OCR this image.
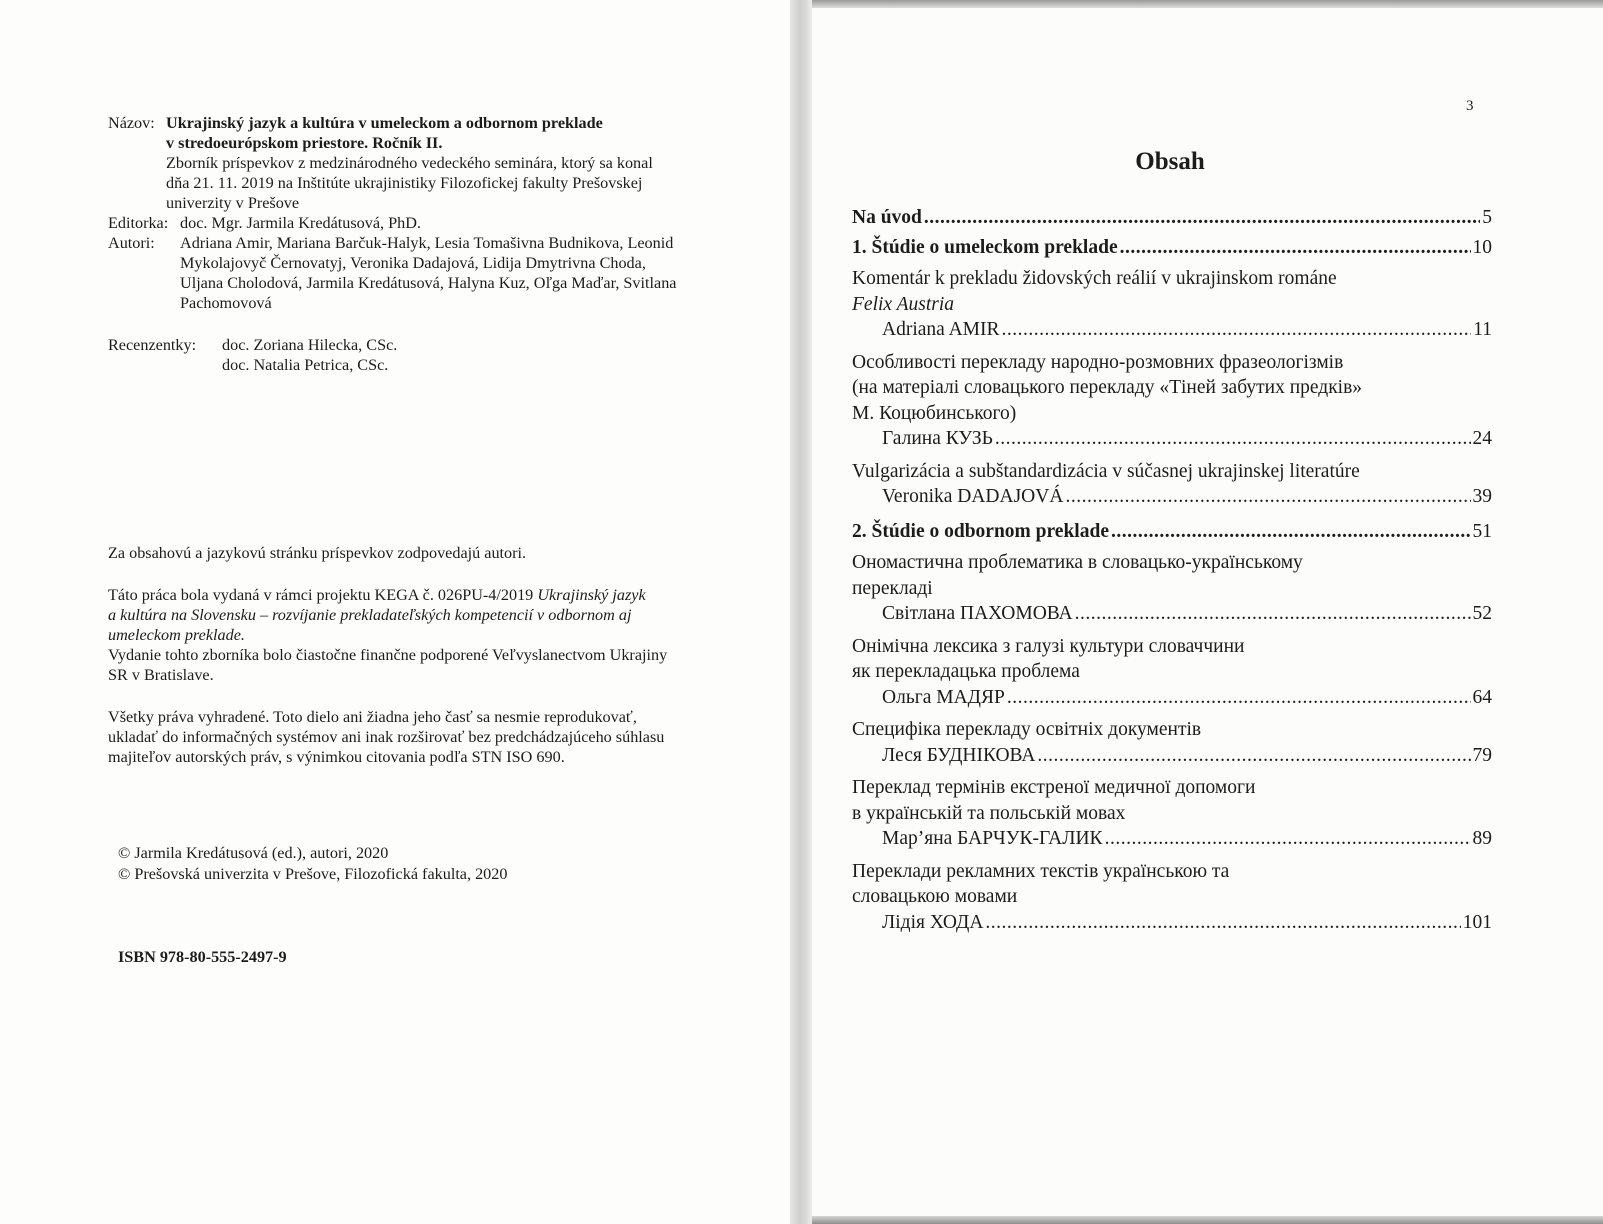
Názov: Ukrajinský jazyk a kultúra v umeleckom a odbornom preklade
v stredoeurópskom priestore. Ročník II.
Zborník príspevkov z medzinárodného vedeckého seminára, ktorý sa konal
dňa 21. 11. 2019 na Inštitúte ukrajinistiky Filozofickej fakulty Prešovskej
univerzity v Prešove
Editorka: doc. Mgr. Jarmila Kredátusová, PhD.
Autori:	Adriana Amir, Mariana Barčuk-Halyk, Lesia Tomašivna Budnikova, Leonid
Mykolajovyč Černovatyj, Veronika Dadajová, Lidija Dmytrivna Choda,
Uljana Cholodová, Jarmila Kredátusová, Halyna Kuz, Oľga Maďar, Svitlana
Pachomovová
Recenzentky:	doc. Zoriana Hilecka, CSc.
doc. Natalia Petrica, CSc.

Za obsahovú a jazykovú stránku príspevkov zodpovedajú autori.

Táto práca bola vydaná v rámci projektu KEGA č. 026PU-4/2019 Ukrajinský jazyk
a kultúra na Slovensku – rozvíjanie prekladateľských kompetencií v odbornom aj
umeleckom preklade.

Vydanie tohto zborníka bolo čiastočne finančne podporené Veľvyslanectvom Ukrajiny
SR v Bratislave.

Všetky práva vyhradené. Toto dielo ani žiadna jeho časť sa nesmie reprodukovať,
ukladať do informačných systémov ani inak rozširovať bez predchádzajúceho súhlasu
majiteľov autorských práv, s výnimkou citovania podľa STN ISO 690.

© Jarmila Kredátusová (ed.), autori, 2020
© Prešovská univerzita v Prešove, Filozofická fakulta, 2020
ISBN 978-80-555-2497-9
3
Obsah
Na úvod .....	5
1. Štúdie o umeleckom preklade .....	10
Komentár k prekladu židovských reálií v ukrajinskom románe
Felix Austria
Adriana AMIR .....	11
Особливості перекладу народно-розмовних фразеологізмів
(на матеріалі словацького перекладу «Тіней забутих предків»
М. Коцюбинського)
Галина КУЗЬ .....	24
Vulgarizácia a subštandardizácia v súčasnej ukrajinskej literatúre
Veronika DADAJOVÁ .....	39
2. Štúdie o odbornom preklade .....	51
Ономастична проблематика в словацько-українському
перекладі
Світлана ПАХОМОВА .....	52
Онімічна лексика з галузі культури словаччини
як перекладацька проблема
Ольга МАДЯР .....	64
Специфіка перекладу освітніх документів
Леся БУДНІКОВА .....	79
Переклад термінів екстреної медичної допомоги
в українській та польській мовах
Мар’яна БАРЧУК-ГАЛИК .....	89
Переклади рекламних текстів українською та
словацькою мовами
Лідія ХОДА .....	101
